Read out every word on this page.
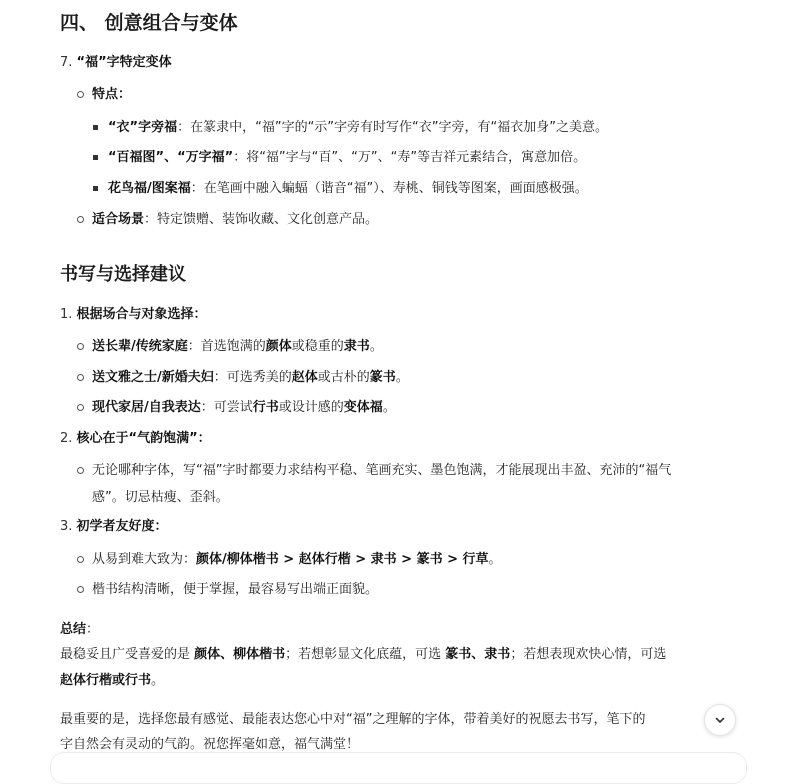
四、 创意组合与变体
7. “福”字特定变体
特点：
“衣”字旁福：在篆隶中，“福”字的“示”字旁有时写作“衣”字旁，有“福衣加身”之美意。
“百福图”、“万字福”：将“福”字与“百”、“万”、“寿”等吉祥元素结合，寓意加倍。
花鸟福/图案福：在笔画中融入蝙蝠（谐音“福”）、寿桃、铜钱等图案，画面感极强。
适合场景：特定馈赠、装饰收藏、文化创意产品。
书写与选择建议
1. 根据场合与对象选择：
送长辈/传统家庭：首选饱满的颜体或稳重的隶书。
送文雅之士/新婚夫妇：可选秀美的赵体或古朴的篆书。
现代家居/自我表达：可尝试行书或设计感的变体福。
2. 核心在于“气韵饱满”：
无论哪种字体，写“福”字时都要力求结构平稳、笔画充实、墨色饱满，才能展现出丰盈、充沛的“福气
感”。切忌枯瘦、歪斜。
3. 初学者友好度：
从易到难大致为：颜体/柳体楷书 > 赵体行楷 > 隶书 > 篆书 > 行草。
楷书结构清晰，便于掌握，最容易写出端正面貌。
总结：
最稳妥且广受喜爱的是 颜体、柳体楷书；若想彰显文化底蕴，可选 篆书、隶书；若想表现欢快心情，可选
赵体行楷或行书。
最重要的是，选择您最有感觉、最能表达您心中对“福”之理解的字体，带着美好的祝愿去书写，笔下的
字自然会有灵动的气韵。祝您挥毫如意，福气满堂！
